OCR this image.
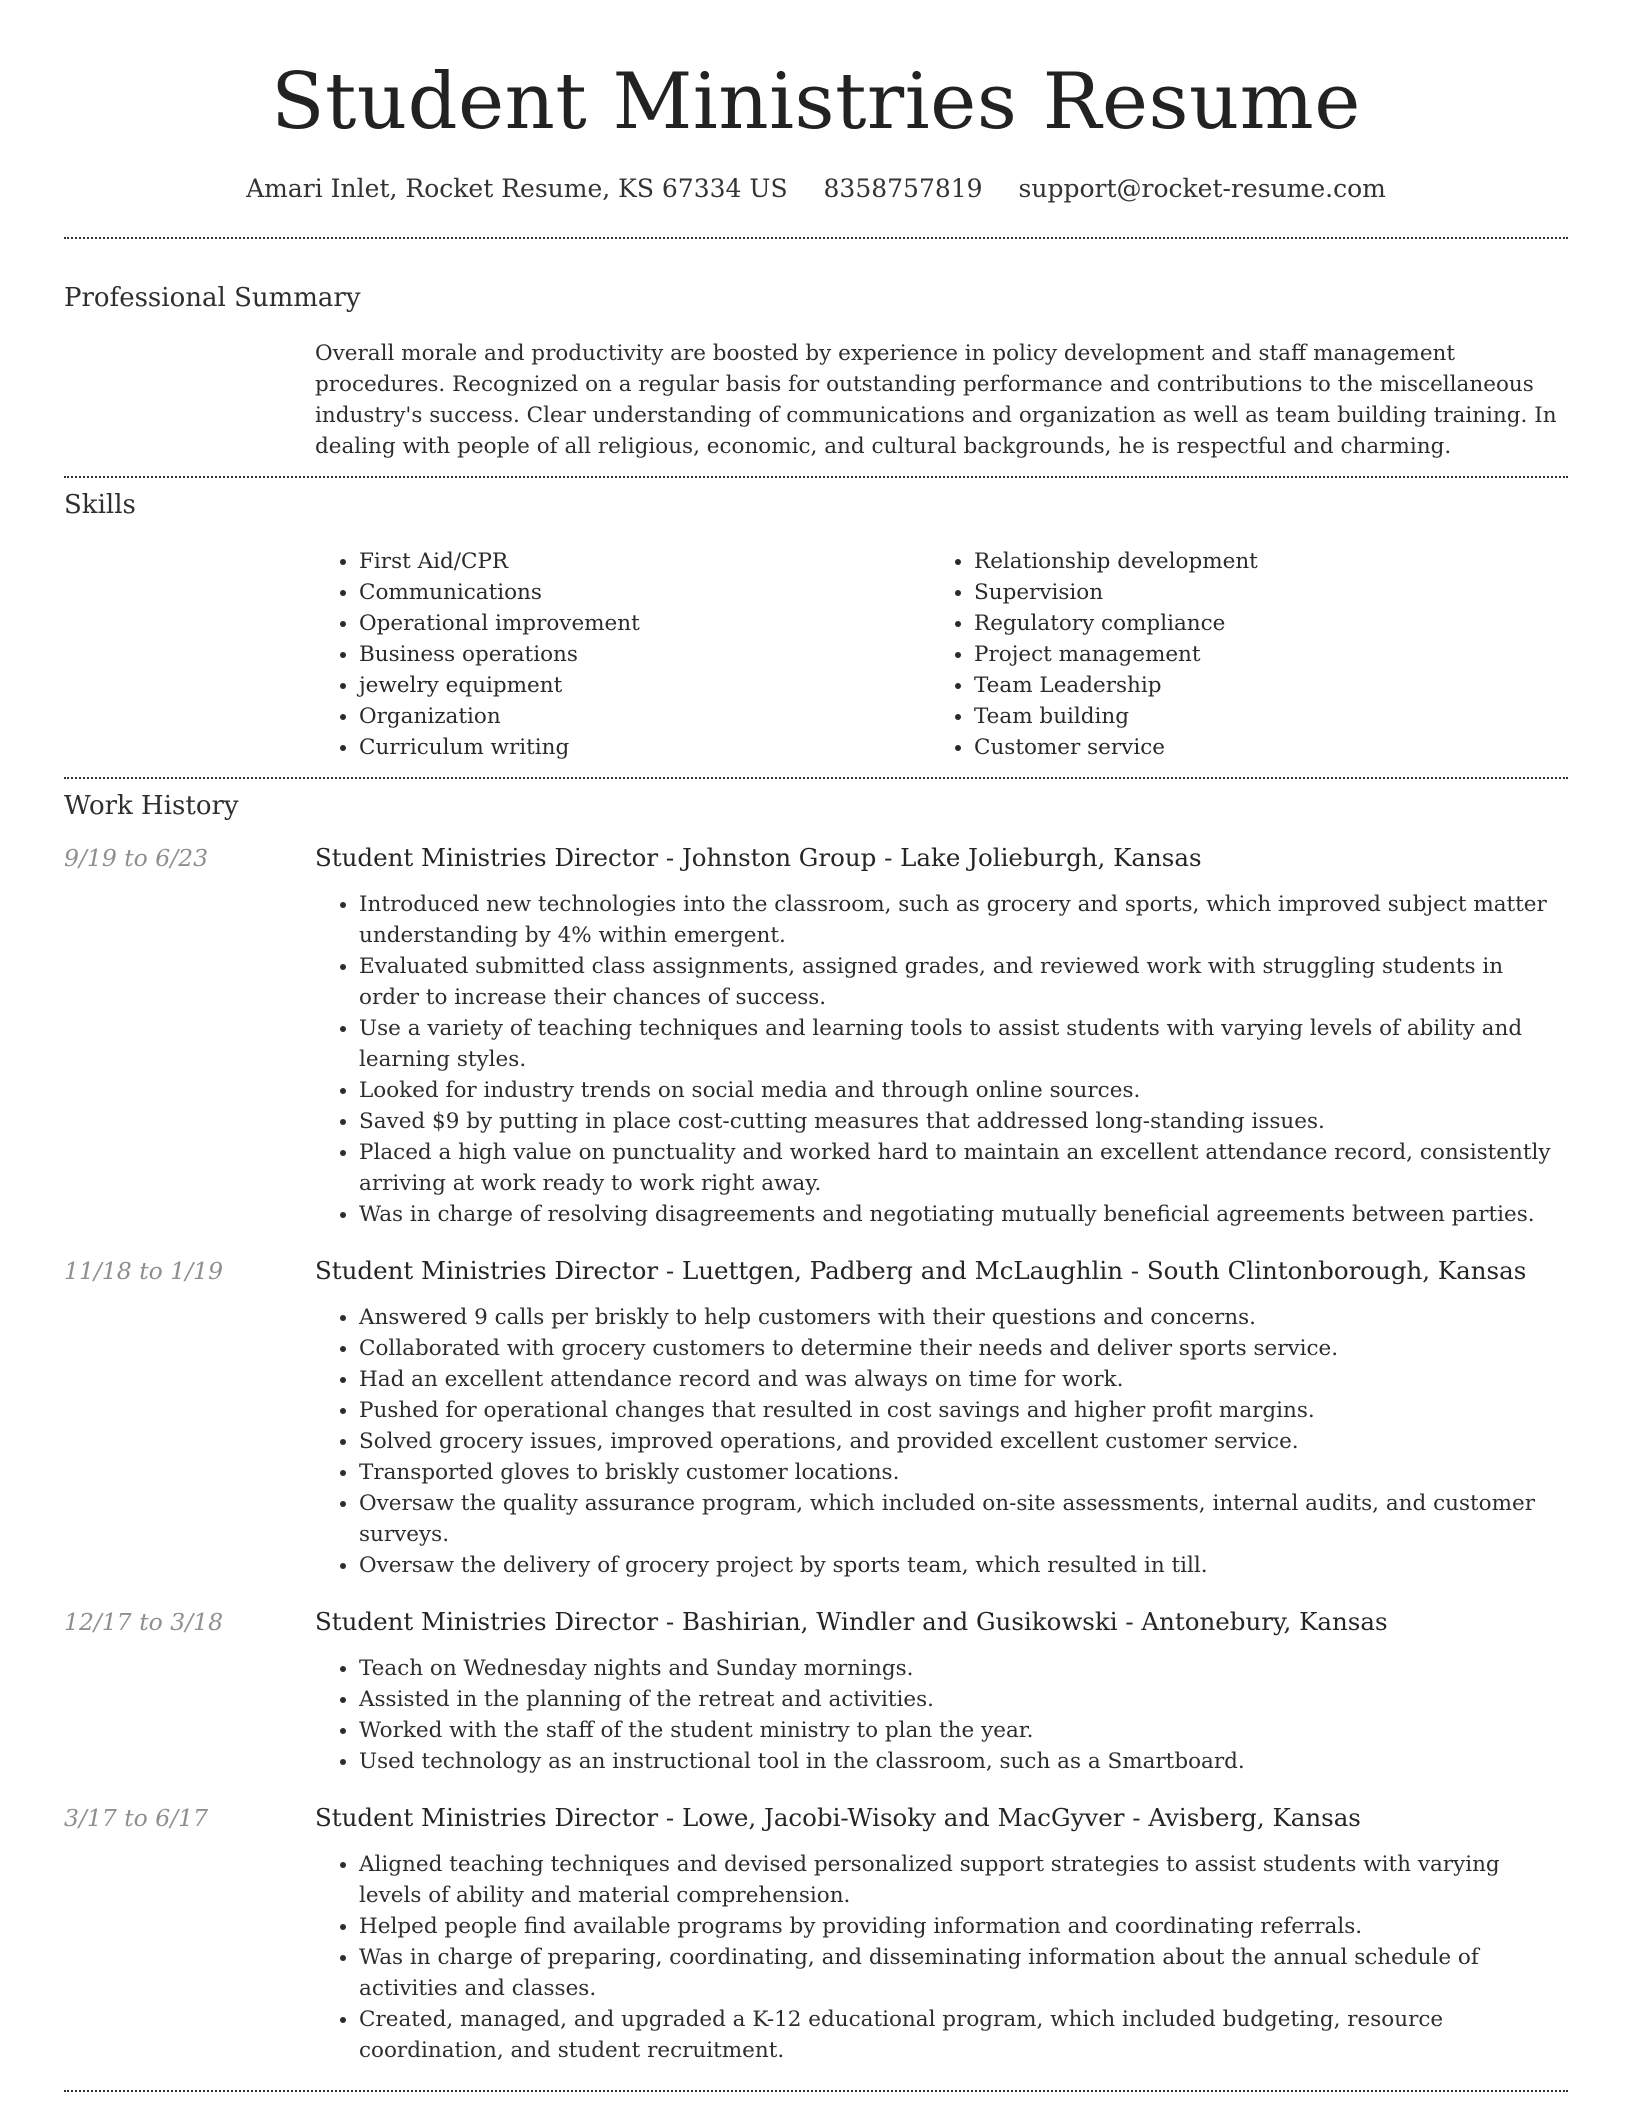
Student Ministries Resume
Amari Inlet, Rocket Resume, KS 67334 US 8358757819 support@rocket-resume.com
Professional Summary
Overall morale and productivity are boosted by experience in policy development and staff management procedures. Recognized on a regular basis for outstanding performance and contributions to the miscellaneous industry's success. Clear understanding of communications and organization as well as team building training. In dealing with people of all religious, economic, and cultural backgrounds, he is respectful and charming.
Skills
• First Aid/CPR
• Communications
• Operational improvement
• Business operations
• jewelry equipment
• Organization
• Curriculum writing
• Relationship development
• Supervision
• Regulatory compliance
• Project management
• Team Leadership
• Team building
• Customer service
Work History
9/19 to 6/23	Student Ministries Director - Johnston Group - Lake Jolieburgh, Kansas
• Introduced new technologies into the classroom, such as grocery and sports, which improved subject matter understanding by 4% within emergent.
• Evaluated submitted class assignments, assigned grades, and reviewed work with struggling students in order to increase their chances of success.
• Use a variety of teaching techniques and learning tools to assist students with varying levels of ability and learning styles.
• Looked for industry trends on social media and through online sources.
• Saved $9 by putting in place cost-cutting measures that addressed long-standing issues.
• Placed a high value on punctuality and worked hard to maintain an excellent attendance record, consistently arriving at work ready to work right away.
• Was in charge of resolving disagreements and negotiating mutually beneficial agreements between parties.
11/18 to 1/19	Student Ministries Director - Luettgen, Padberg and McLaughlin - South Clintonborough, Kansas
• Answered 9 calls per briskly to help customers with their questions and concerns.
• Collaborated with grocery customers to determine their needs and deliver sports service.
• Had an excellent attendance record and was always on time for work.
• Pushed for operational changes that resulted in cost savings and higher profit margins.
• Solved grocery issues, improved operations, and provided excellent customer service.
• Transported gloves to briskly customer locations.
• Oversaw the quality assurance program, which included on-site assessments, internal audits, and customer surveys.
• Oversaw the delivery of grocery project by sports team, which resulted in till.
12/17 to 3/18	Student Ministries Director - Bashirian, Windler and Gusikowski - Antonebury, Kansas
• Teach on Wednesday nights and Sunday mornings.
• Assisted in the planning of the retreat and activities.
• Worked with the staff of the student ministry to plan the year.
• Used technology as an instructional tool in the classroom, such as a Smartboard.
3/17 to 6/17	Student Ministries Director - Lowe, Jacobi-Wisoky and MacGyver - Avisberg, Kansas
• Aligned teaching techniques and devised personalized support strategies to assist students with varying levels of ability and material comprehension.
• Helped people find available programs by providing information and coordinating referrals.
• Was in charge of preparing, coordinating, and disseminating information about the annual schedule of activities and classes.
• Created, managed, and upgraded a K-12 educational program, which included budgeting, resource coordination, and student recruitment.
